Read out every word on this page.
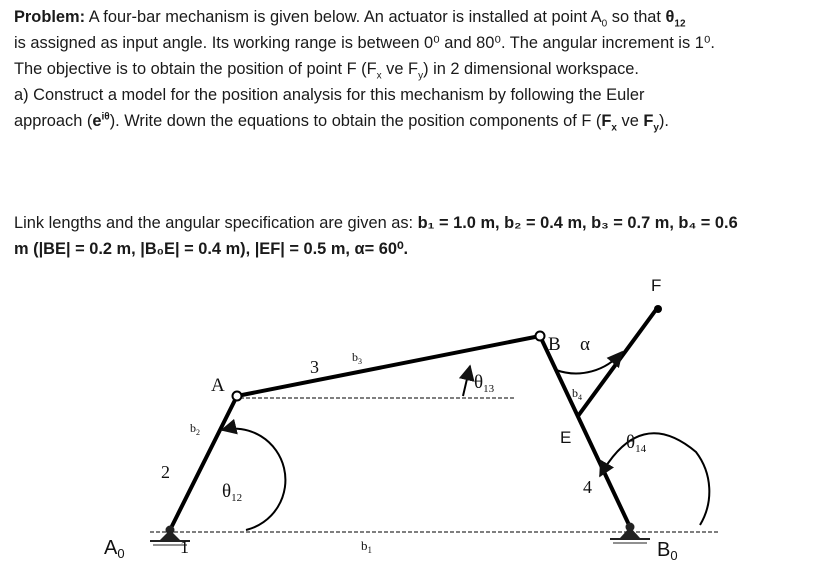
Problem: A four-bar mechanism is given below. An actuator is installed at point $A_0$ so that $\theta_{12}$
is assigned as input angle. Its working range is between 0⁰ and 80⁰. The angular increment is 1⁰.
The objective is to obtain the position of point F ($F_x$ ve $F_y$) in 2 dimensional workspace.
a) Construct a model for the position analysis for this mechanism by following the Euler
approach $(e^{i\theta})$. Write down the equations to obtain the position components of F ($F_x$ ve $F_y$).

Link lengths and the angular specification are given as: b₁ = 1.0 m, b₂ = 0.4 m, b₃ = 0.7 m, b₄ = 0.6
m (|BE| = 0.2 m, |B₀E| = 0.4 m), |EF| = 0.5 m, α= 60⁰.

$A_0$	$B_0$
A
B α
E
F
1
2
3
4
$b_1$
$b_2$
$b_3$
$b_4$
$\theta_{12}$
$\theta_{13}$
$\theta_{14}$
